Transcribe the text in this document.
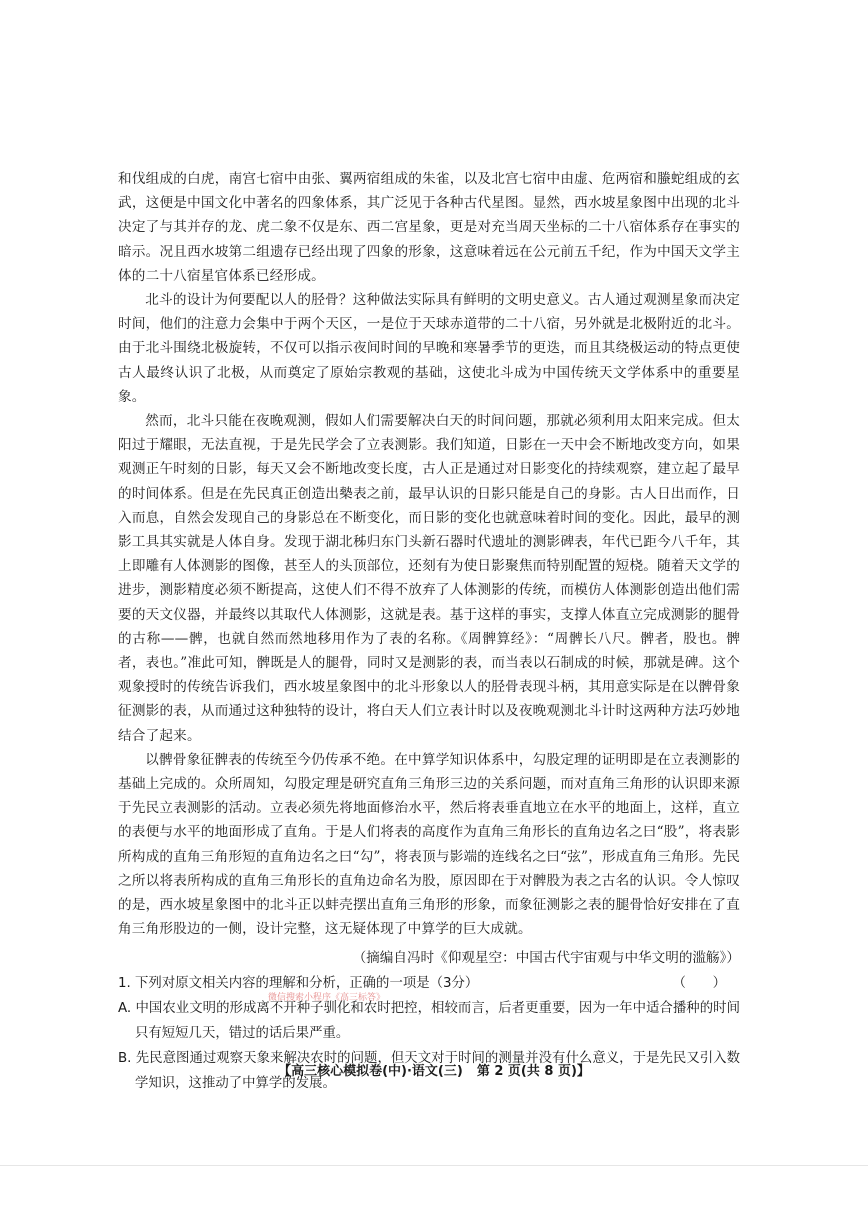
和伐组成的白虎，南宫七宿中由张、翼两宿组成的朱雀，以及北宫七宿中由虚、危两宿和螣蛇组成的玄武，这便是中国文化中著名的四象体系，其广泛见于各种古代星图。显然，西水坡星象图中出现的北斗决定了与其并存的龙、虎二象不仅是东、西二宫星象，更是对充当周天坐标的二十八宿体系存在事实的暗示。况且西水坡第二组遗存已经出现了四象的形象，这意味着远在公元前五千纪，作为中国天文学主体的二十八宿星官体系已经形成。

北斗的设计为何要配以人的胫骨？这种做法实际具有鲜明的文明史意义。古人通过观测星象而决定时间，他们的注意力会集中于两个天区，一是位于天球赤道带的二十八宿，另外就是北极附近的北斗。由于北斗围绕北极旋转，不仅可以指示夜间时间的早晚和寒暑季节的更迭，而且其绕极运动的特点更使古人最终认识了北极，从而奠定了原始宗教观的基础，这使北斗成为中国传统天文学体系中的重要星象。

然而，北斗只能在夜晚观测，假如人们需要解决白天的时间问题，那就必须利用太阳来完成。但太阳过于耀眼，无法直视，于是先民学会了立表测影。我们知道，日影在一天中会不断地改变方向，如果观测正午时刻的日影，每天又会不断地改变长度，古人正是通过对日影变化的持续观察，建立起了最早的时间体系。但是在先民真正创造出槷表之前，最早认识的日影只能是自己的身影。古人日出而作，日入而息，自然会发现自己的身影总在不断变化，而日影的变化也就意味着时间的变化。因此，最早的测影工具其实就是人体自身。发现于湖北秭归东门头新石器时代遗址的测影碑表，年代已距今八千年，其上即雕有人体测影的图像，甚至人的头顶部位，还刻有为使日影聚焦而特别配置的短桡。随着天文学的进步，测影精度必须不断提高，这使人们不得不放弃了人体测影的传统，而模仿人体测影创造出他们需要的天文仪器，并最终以其取代人体测影，这就是表。基于这样的事实，支撑人体直立完成测影的腿骨的古称——髀，也就自然而然地移用作为了表的名称。《周髀算经》：“周髀长八尺。髀者，股也。髀者，表也。”准此可知，髀既是人的腿骨，同时又是测影的表，而当表以石制成的时候，那就是碑。这个观象授时的传统告诉我们，西水坡星象图中的北斗形象以人的胫骨表现斗柄，其用意实际是在以髀骨象征测影的表，从而通过这种独特的设计，将白天人们立表计时以及夜晚观测北斗计时这两种方法巧妙地结合了起来。

以髀骨象征髀表的传统至今仍传承不绝。在中算学知识体系中，勾股定理的证明即是在立表测影的基础上完成的。众所周知，勾股定理是研究直角三角形三边的关系问题，而对直角三角形的认识即来源于先民立表测影的活动。立表必须先将地面修治水平，然后将表垂直地立在水平的地面上，这样，直立的表便与水平的地面形成了直角。于是人们将表的高度作为直角三角形长的直角边名之曰“股”，将表影所构成的直角三角形短的直角边名之曰“勾”，将表顶与影端的连线名之曰“弦”，形成直角三角形。先民之所以将表所构成的直角三角形长的直角边命名为股，原因即在于对髀股为表之古名的认识。令人惊叹的是，西水坡星象图中的北斗正以蚌壳摆出直角三角形的形象，而象征测影之表的腿骨恰好安排在了直角三角形股边的一侧，设计完整，这无疑体现了中算学的巨大成就。

（摘编自冯时《仰观星空：中国古代宇宙观与中华文明的滥觞》）

1. 下列对原文相关内容的理解和分析，正确的一项是（3分）	（　　）
微信搜索小程序《高三标答》

A. 中国农业文明的形成离不开种子驯化和农时把控，相较而言，后者更重要，因为一年中适合播种的时间只有短短几天，错过的话后果严重。

B. 先民意图通过观察天象来解决农时的问题，但天文对于时间的测量并没有什么意义，于是先民又引入数学知识，这推动了中算学的发展。

【高三核心模拟卷(中)·语文(三) 第 2 页(共 8 页)】
